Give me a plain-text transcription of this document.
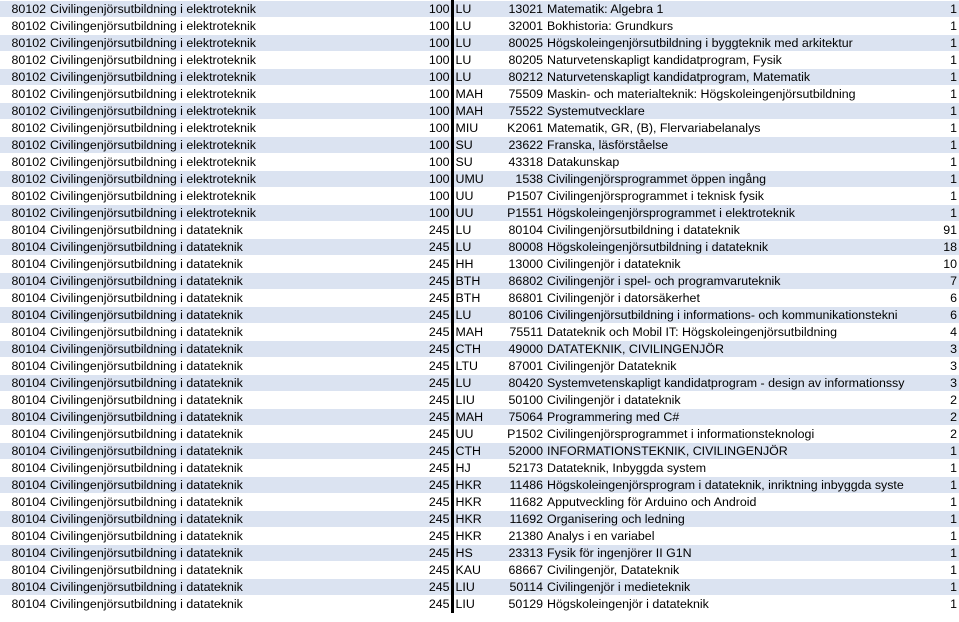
80102	Civilingenjörsutbildning i elektroteknik	100	LU	13021	Matematik: Algebra 1	1
80102	Civilingenjörsutbildning i elektroteknik	100	LU	32001	Bokhistoria: Grundkurs	1
80102	Civilingenjörsutbildning i elektroteknik	100	LU	80025	Högskoleingenjörsutbildning i byggteknik med arkitektur	1
80102	Civilingenjörsutbildning i elektroteknik	100	LU	80205	Naturvetenskapligt kandidatprogram, Fysik	1
80102	Civilingenjörsutbildning i elektroteknik	100	LU	80212	Naturvetenskapligt kandidatprogram, Matematik	1
80102	Civilingenjörsutbildning i elektroteknik	100	MAH	75509	Maskin- och materialteknik: Högskoleingenjörsutbildning	1
80102	Civilingenjörsutbildning i elektroteknik	100	MAH	75522	Systemutvecklare	1
80102	Civilingenjörsutbildning i elektroteknik	100	MIU	K2061	Matematik, GR, (B), Flervariabelanalys	1
80102	Civilingenjörsutbildning i elektroteknik	100	SU	23622	Franska, läsförståelse	1
80102	Civilingenjörsutbildning i elektroteknik	100	SU	43318	Datakunskap	1
80102	Civilingenjörsutbildning i elektroteknik	100	UMU	1538	Civilingenjörsprogrammet öppen ingång	1
80102	Civilingenjörsutbildning i elektroteknik	100	UU	P1507	Civilingenjörsprogrammet i teknisk fysik	1
80102	Civilingenjörsutbildning i elektroteknik	100	UU	P1551	Högskoleingenjörsprogrammet i elektroteknik	1
80104	Civilingenjörsutbildning i datateknik	245	LU	80104	Civilingenjörsutbildning i datateknik	91
80104	Civilingenjörsutbildning i datateknik	245	LU	80008	Högskoleingenjörsutbildning i datateknik	18
80104	Civilingenjörsutbildning i datateknik	245	HH	13000	Civilingenjör i datateknik	10
80104	Civilingenjörsutbildning i datateknik	245	BTH	86802	Civilingenjör i spel- och programvaruteknik	7
80104	Civilingenjörsutbildning i datateknik	245	BTH	86801	Civilingenjör i datorsäkerhet	6
80104	Civilingenjörsutbildning i datateknik	245	LU	80106	Civilingenjörsutbildning i informations- och kommunikationstekni	6
80104	Civilingenjörsutbildning i datateknik	245	MAH	75511	Datateknik och Mobil IT: Högskoleingenjörsutbildning	4
80104	Civilingenjörsutbildning i datateknik	245	CTH	49000	DATATEKNIK, CIVILINGENJÖR	3
80104	Civilingenjörsutbildning i datateknik	245	LTU	87001	Civilingenjör Datateknik	3
80104	Civilingenjörsutbildning i datateknik	245	LU	80420	Systemvetenskapligt kandidatprogram - design av informationssy	3
80104	Civilingenjörsutbildning i datateknik	245	LIU	50100	Civilingenjör i datateknik	2
80104	Civilingenjörsutbildning i datateknik	245	MAH	75064	Programmering med C#	2
80104	Civilingenjörsutbildning i datateknik	245	UU	P1502	Civilingenjörsprogrammet i informationsteknologi	2
80104	Civilingenjörsutbildning i datateknik	245	CTH	52000	INFORMATIONSTEKNIK, CIVILINGENJÖR	1
80104	Civilingenjörsutbildning i datateknik	245	HJ	52173	Datateknik, Inbyggda system	1
80104	Civilingenjörsutbildning i datateknik	245	HKR	11486	Högskoleingenjörsprogram i datateknik, inriktning inbyggda syste	1
80104	Civilingenjörsutbildning i datateknik	245	HKR	11682	Apputveckling för Arduino och Android	1
80104	Civilingenjörsutbildning i datateknik	245	HKR	11692	Organisering och ledning	1
80104	Civilingenjörsutbildning i datateknik	245	HKR	21380	Analys i en variabel	1
80104	Civilingenjörsutbildning i datateknik	245	HS	23313	Fysik för ingenjörer II G1N	1
80104	Civilingenjörsutbildning i datateknik	245	KAU	68667	Civilingenjör, Datateknik	1
80104	Civilingenjörsutbildning i datateknik	245	LIU	50114	Civilingenjör i medieteknik	1
80104	Civilingenjörsutbildning i datateknik	245	LIU	50129	Högskoleingenjör i datateknik	1
